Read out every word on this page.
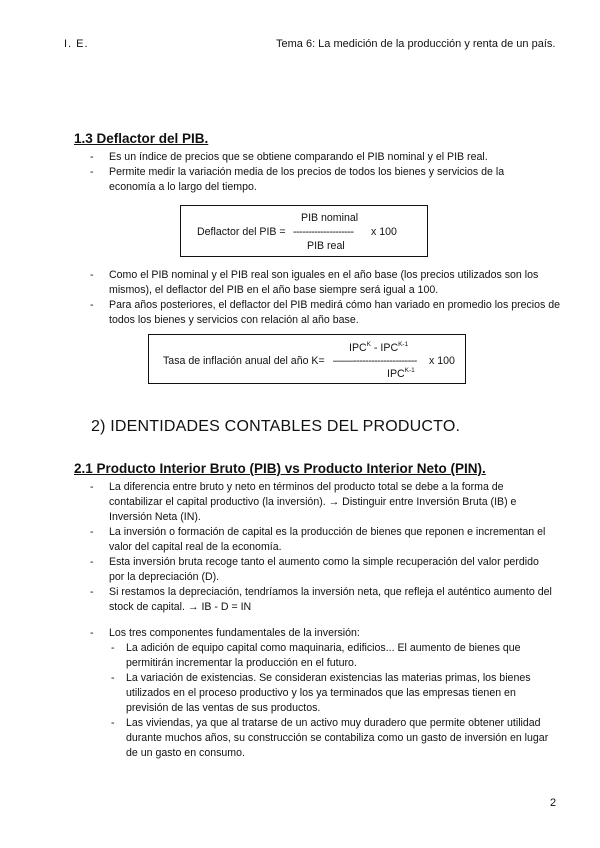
I. E.	Tema 6: La medición de la producción y renta de un país.
1.3 Deflactor del PIB.
- Es un índice de precios que se obtiene comparando el PIB nominal y el PIB real.
- Permite medir la variación media de los precios de todos los bienes y servicios de la economía a lo largo del tiempo.
PIB nominal
Deflactor del PIB = -------------------- x 100
PIB real
- Como el PIB nominal y el PIB real son iguales en el año base (los precios utilizados son los mismos), el deflactor del PIB en el año base siempre será igual a 100.
- Para años posteriores, el deflactor del PIB medirá cómo han variado en promedio los precios de todos los bienes y servicios con relación al año base.
$IPC^K - IPC^{K-1}$
Tasa de inflación anual del año K= ——--------------------- x 100
$IPC^{K-1}$
2) IDENTIDADES CONTABLES DEL PRODUCTO.
2.1 Producto Interior Bruto (PIB) vs Producto Interior Neto (PIN).
- La diferencia entre bruto y neto en términos del producto total se debe a la forma de contabilizar el capital productivo (la inversión). → Distinguir entre Inversión Bruta (IB) e Inversión Neta (IN).
- La inversión o formación de capital es la producción de bienes que reponen e incrementan el valor del capital real de la economía.
- Esta inversión bruta recoge tanto el aumento como la simple recuperación del valor perdido por la depreciación (D).
- Si restamos la depreciación, tendríamos la inversión neta, que refleja el auténtico aumento del stock de capital. → IB - D = IN
- Los tres componentes fundamentales de la inversión:
- La adición de equipo capital como maquinaria, edificios... El aumento de bienes que permitirán incrementar la producción en el futuro.
- La variación de existencias. Se consideran existencias las materias primas, los bienes utilizados en el proceso productivo y los ya terminados que las empresas tienen en previsión de las ventas de sus productos.
- Las viviendas, ya que al tratarse de un activo muy duradero que permite obtener utilidad durante muchos años, su construcción se contabiliza como un gasto de inversión en lugar de un gasto en consumo.
2
